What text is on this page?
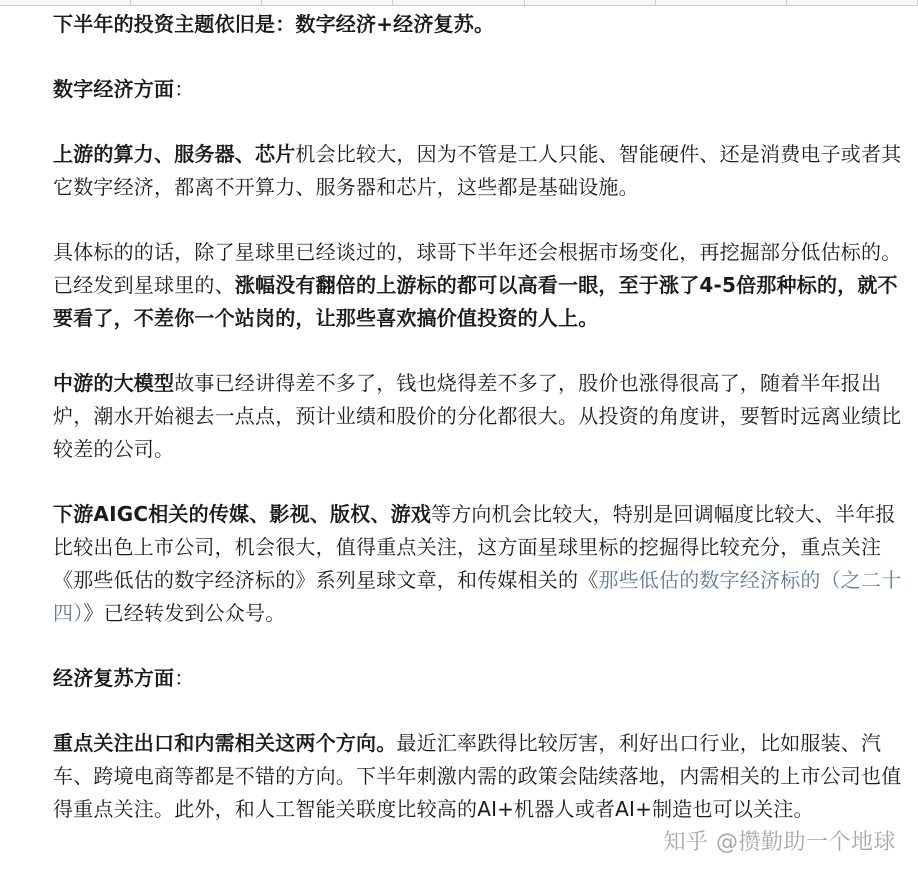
下半年的投资主题依旧是：数字经济+经济复苏。

数字经济方面：

上游的算力、服务器、芯片机会比较大，因为不管是工人只能、智能硬件、还是消费电子或者其它数字经济，都离不开算力、服务器和芯片，这些都是基础设施。

具体标的的话，除了星球里已经谈过的，球哥下半年还会根据市场变化，再挖掘部分低估标的。已经发到星球里的、涨幅没有翻倍的上游标的都可以高看一眼，至于涨了4-5倍那种标的，就不要看了，不差你一个站岗的，让那些喜欢搞价值投资的人上。

中游的大模型故事已经讲得差不多了，钱也烧得差不多了，股价也涨得很高了，随着半年报出炉，潮水开始褪去一点点，预计业绩和股价的分化都很大。从投资的角度讲，要暂时远离业绩比较差的公司。

下游AIGC相关的传媒、影视、版权、游戏等方向机会比较大，特别是回调幅度比较大、半年报比较出色上市公司，机会很大，值得重点关注，这方面星球里标的挖掘得比较充分，重点关注《那些低估的数字经济标的》系列星球文章，和传媒相关的《那些低估的数字经济标的（之二十四）》已经转发到公众号。

经济复苏方面：

重点关注出口和内需相关这两个方向。最近汇率跌得比较厉害，利好出口行业，比如服装、汽车、跨境电商等都是不错的方向。下半年刺激内需的政策会陆续落地，内需相关的上市公司也值得重点关注。此外，和人工智能关联度比较高的AI+机器人或者AI+制造也可以关注。

知乎 @攒勤助一个地球
